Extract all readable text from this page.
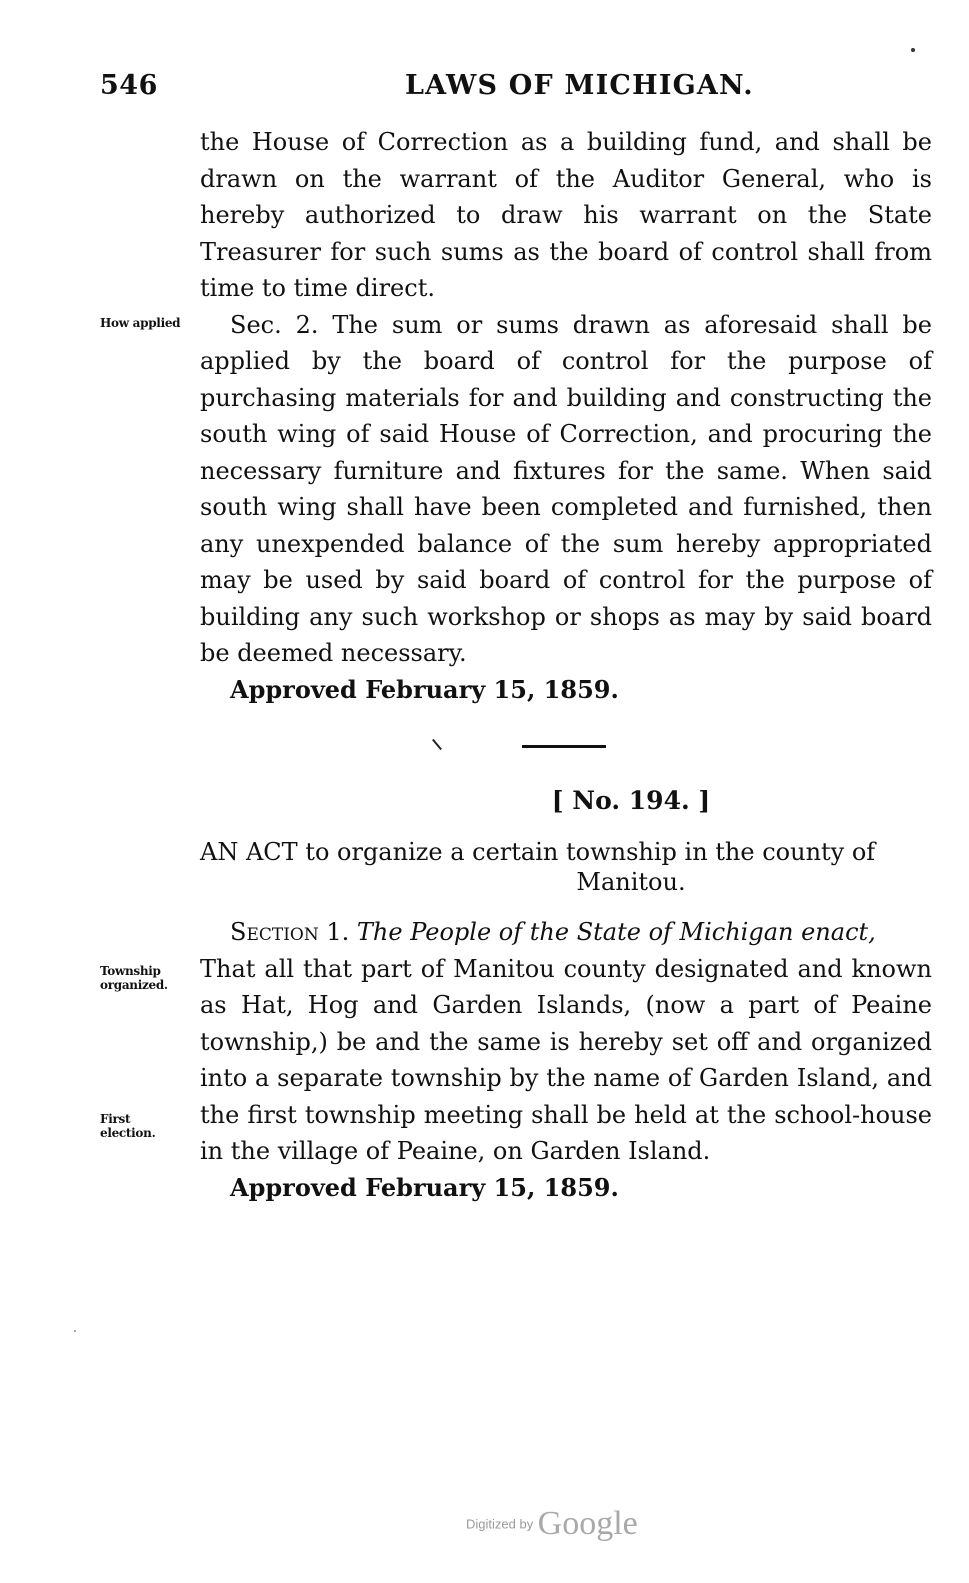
546	LAWS OF MICHIGAN.

the House of Correction as a building fund, and shall be drawn on the warrant of the Auditor General, who is hereby authorized to draw his warrant on the State Treasurer for such sums as the board of control shall from time to time direct.

Sec. 2. The sum or sums drawn as aforesaid shall be applied by the board of control for the purpose of purchasing materials for and building and constructing the south wing of said House of Correction, and procuring the necessary furniture and fixtures for the same. When said south wing shall have been completed and furnished, then any unexpended balance of the sum hereby appropriated may be used by said board of control for the purpose of building any such workshop or shops as may by said board be deemed necessary.

Approved February 15, 1859.

How applied
[ No. 194. ]
AN ACT to organize a certain township in the county of
Manitou.

Section 1. The People of the State of Michigan enact,

That all that part of Manitou county designated and known as Hat, Hog and Garden Islands, (now a part of Peaine township,) be and the same is hereby set off and organized into a separate township by the name of Garden Island, and the first township meeting shall be held at the school-house in the village of Peaine, on Garden Island.

Approved February 15, 1859.

Township organized.
First election.
Digitized by Google
